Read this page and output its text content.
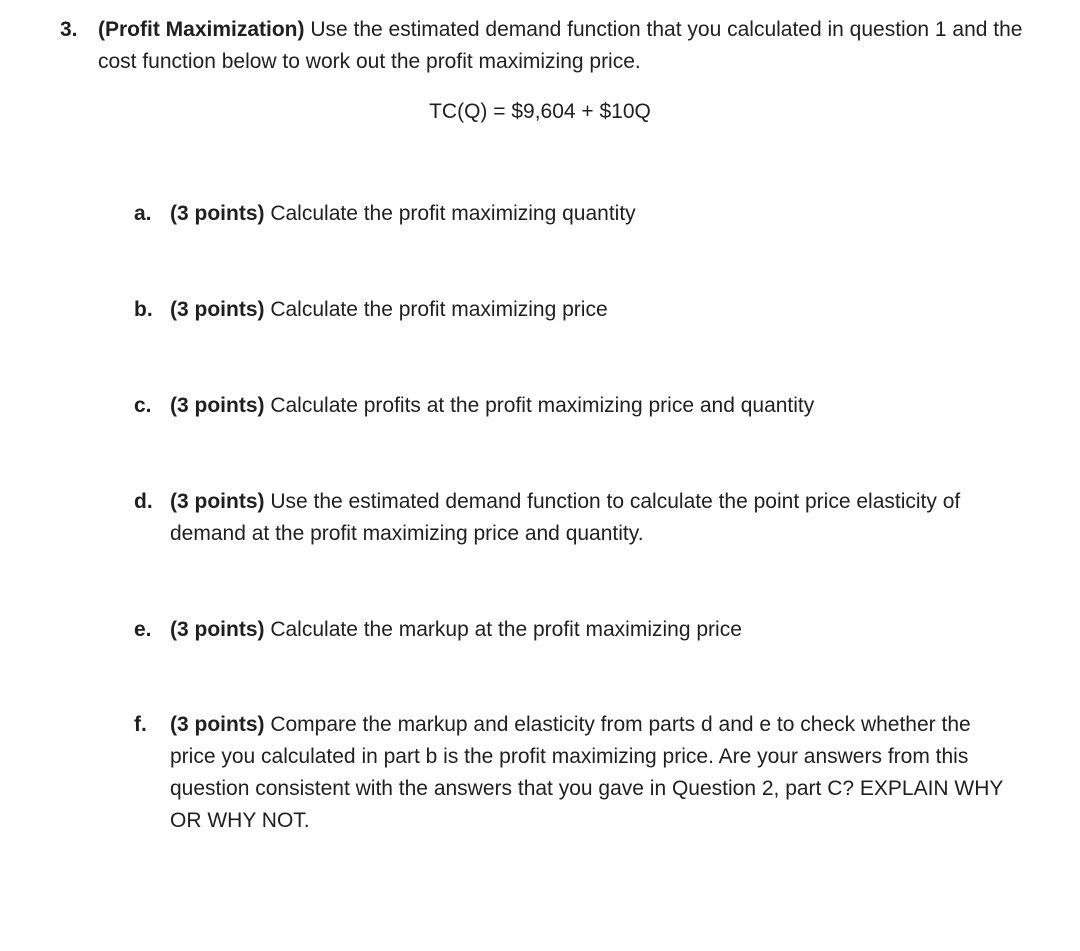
3. (Profit Maximization) Use the estimated demand function that you calculated in question 1 and the cost function below to work out the profit maximizing price.
TC(Q) = $9,604 + $10Q
a. (3 points) Calculate the profit maximizing quantity
b. (3 points) Calculate the profit maximizing price
c. (3 points) Calculate profits at the profit maximizing price and quantity
d. (3 points) Use the estimated demand function to calculate the point price elasticity of demand at the profit maximizing price and quantity.
e. (3 points) Calculate the markup at the profit maximizing price
f. (3 points) Compare the markup and elasticity from parts d and e to check whether the price you calculated in part b is the profit maximizing price. Are your answers from this question consistent with the answers that you gave in Question 2, part C? EXPLAIN WHY OR WHY NOT.
